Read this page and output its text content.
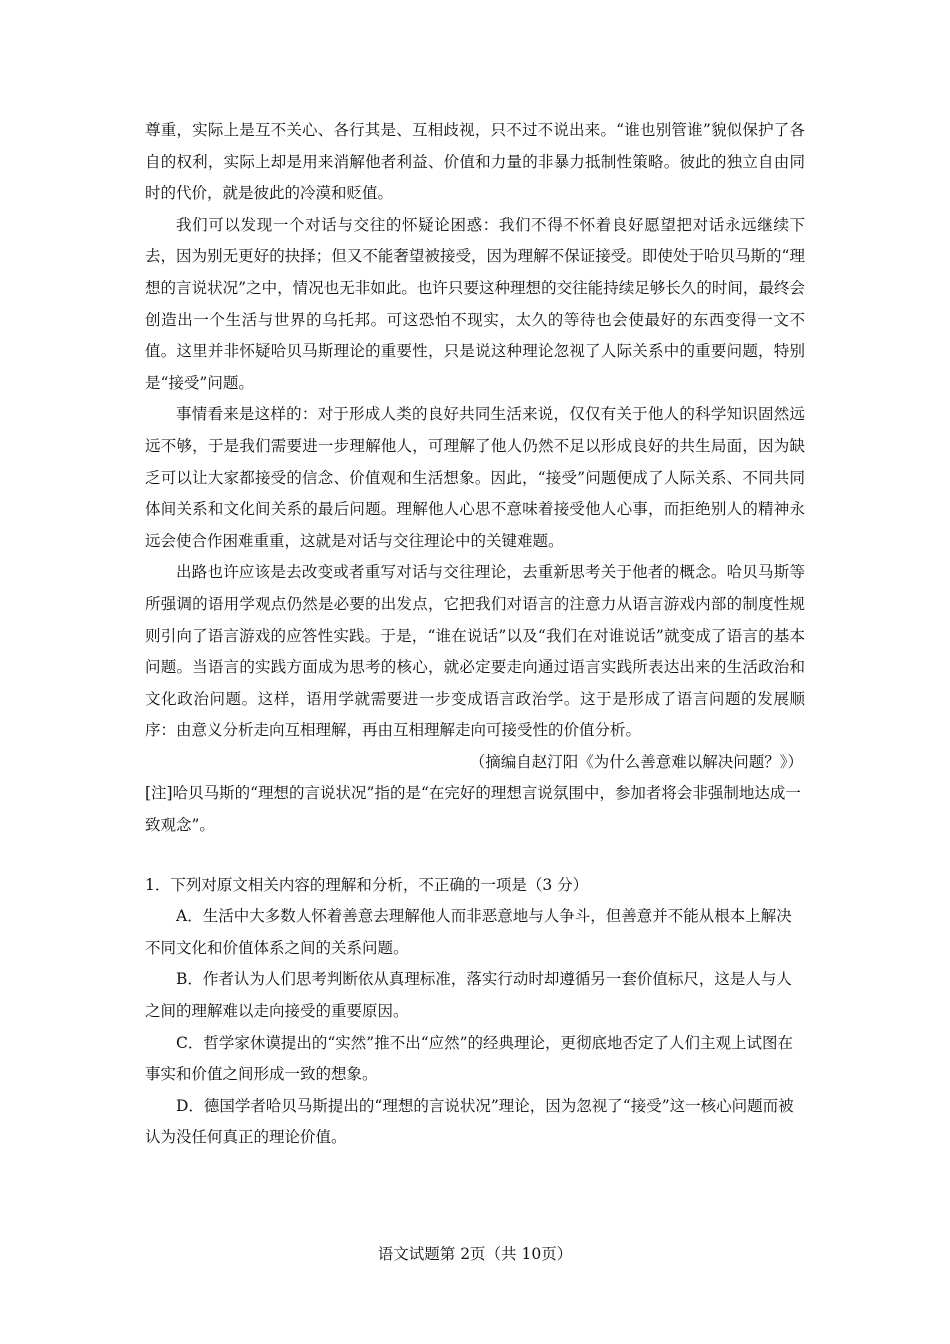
尊重，实际上是互不关心、各行其是、互相歧视，只不过不说出来。“谁也别管谁”貌似保护了各自的权利，实际上却是用来消解他者利益、价值和力量的非暴力抵制性策略。彼此的独立自由同时的代价，就是彼此的冷漠和贬值。

我们可以发现一个对话与交往的怀疑论困惑：我们不得不怀着良好愿望把对话永远继续下去，因为别无更好的抉择；但又不能奢望被接受，因为理解不保证接受。即使处于哈贝马斯的“理想的言说状况”之中，情况也无非如此。也许只要这种理想的交往能持续足够长久的时间，最终会创造出一个生活与世界的乌托邦。可这恐怕不现实，太久的等待也会使最好的东西变得一文不值。这里并非怀疑哈贝马斯理论的重要性，只是说这种理论忽视了人际关系中的重要问题，特别是“接受”问题。

事情看来是这样的：对于形成人类的良好共同生活来说，仅仅有关于他人的科学知识固然远远不够，于是我们需要进一步理解他人，可理解了他人仍然不足以形成良好的共生局面，因为缺乏可以让大家都接受的信念、价值观和生活想象。因此，“接受”问题便成了人际关系、不同共同体间关系和文化间关系的最后问题。理解他人心思不意味着接受他人心事，而拒绝别人的精神永远会使合作困难重重，这就是对话与交往理论中的关键难题。

出路也许应该是去改变或者重写对话与交往理论，去重新思考关于他者的概念。哈贝马斯等所强调的语用学观点仍然是必要的出发点，它把我们对语言的注意力从语言游戏内部的制度性规则引向了语言游戏的应答性实践。于是，“谁在说话”以及“我们在对谁说话”就变成了语言的基本问题。当语言的实践方面成为思考的核心，就必定要走向通过语言实践所表达出来的生活政治和文化政治问题。这样，语用学就需要进一步变成语言政治学。这于是形成了语言问题的发展顺序：由意义分析走向互相理解，再由互相理解走向可接受性的价值分析。

（摘编自赵汀阳《为什么善意难以解决问题？》）

[注]哈贝马斯的“理想的言说状况”指的是“在完好的理想言说氛围中，参加者将会非强制地达成一致观念”。

1．下列对原文相关内容的理解和分析，不正确的一项是（3 分）

A．生活中大多数人怀着善意去理解他人而非恶意地与人争斗，但善意并不能从根本上解决不同文化和价值体系之间的关系问题。

B．作者认为人们思考判断依从真理标准，落实行动时却遵循另一套价值标尺，这是人与人之间的理解难以走向接受的重要原因。

C．哲学家休谟提出的“实然”推不出“应然”的经典理论，更彻底地否定了人们主观上试图在事实和价值之间形成一致的想象。

D．德国学者哈贝马斯提出的“理想的言说状况”理论，因为忽视了“接受”这一核心问题而被认为没任何真正的理论价值。

语文试题第 2页（共 10页）
